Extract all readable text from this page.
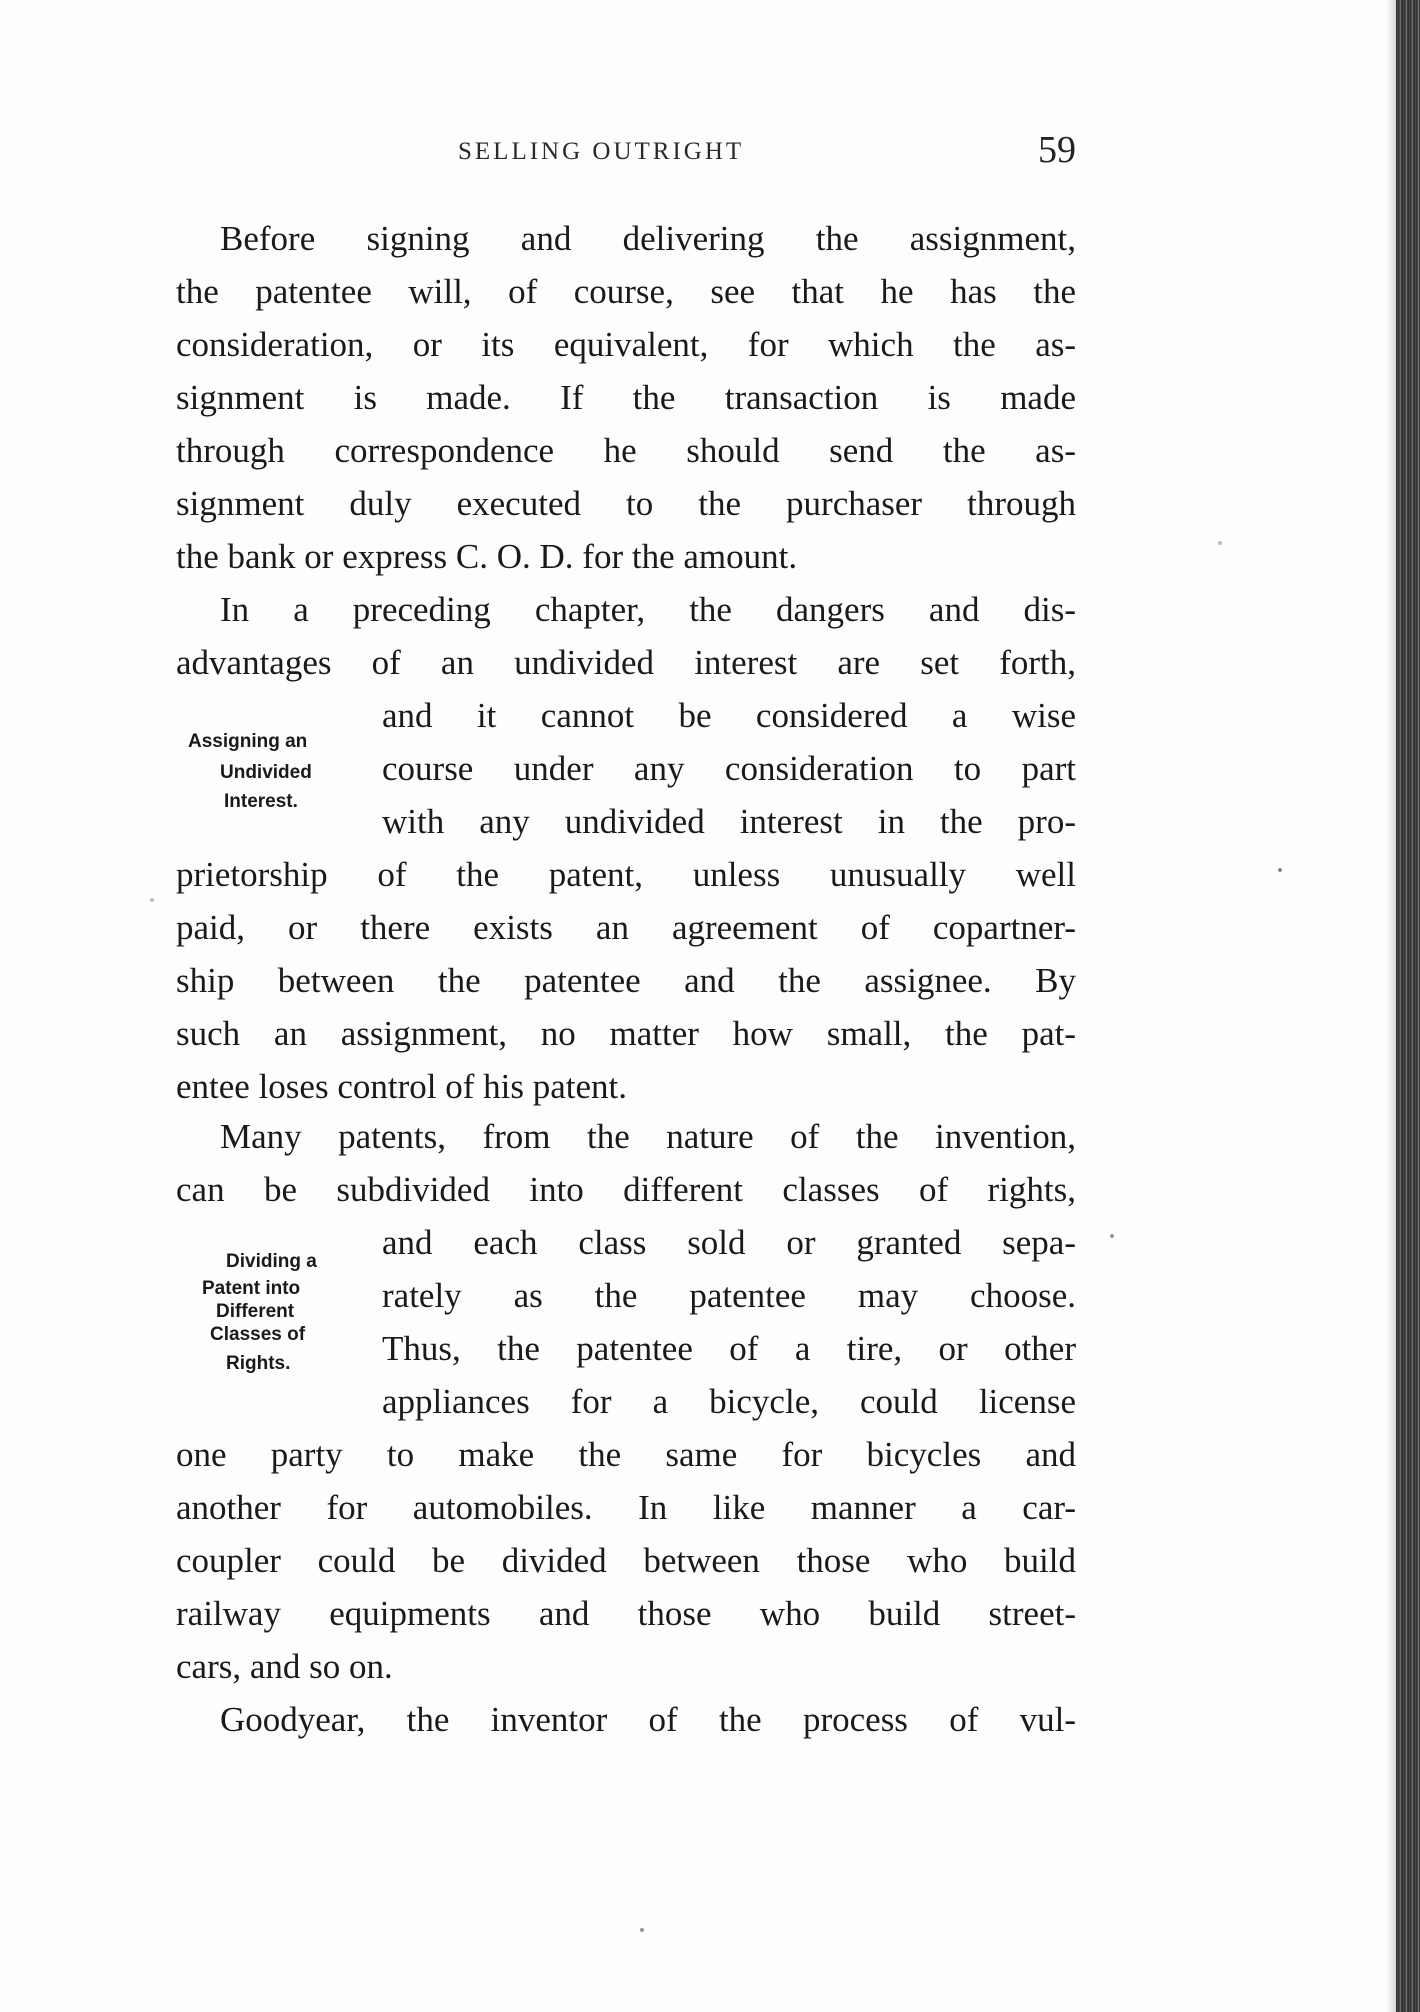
SELLING OUTRIGHT	59
Before signing and delivering the assignment,
the patentee will, of course, see that he has the
consideration, or its equivalent, for which the as-
signment is made. If the transaction is made
through correspondence he should send the as-
signment duly executed to the purchaser through
the bank or express C. O. D. for the amount.
In a preceding chapter, the dangers and dis-
advantages of an undivided interest are set forth,
and it cannot be considered a wise
course under any consideration to part
with any undivided interest in the pro-
prietorship of the patent, unless unusually well
paid, or there exists an agreement of copartner-
ship between the patentee and the assignee. By
such an assignment, no matter how small, the pat-
entee loses control of his patent.
Assigning an
Undivided
Interest.
Many patents, from the nature of the invention,
can be subdivided into different classes of rights,
and each class sold or granted sepa-
rately as the patentee may choose.
Thus, the patentee of a tire, or other
appliances for a bicycle, could license
one party to make the same for bicycles and
another for automobiles. In like manner a car-
coupler could be divided between those who build
railway equipments and those who build street-
cars, and so on.
Dividing a
Patent into
Different
Classes of
Rights.
Goodyear, the inventor of the process of vul-
